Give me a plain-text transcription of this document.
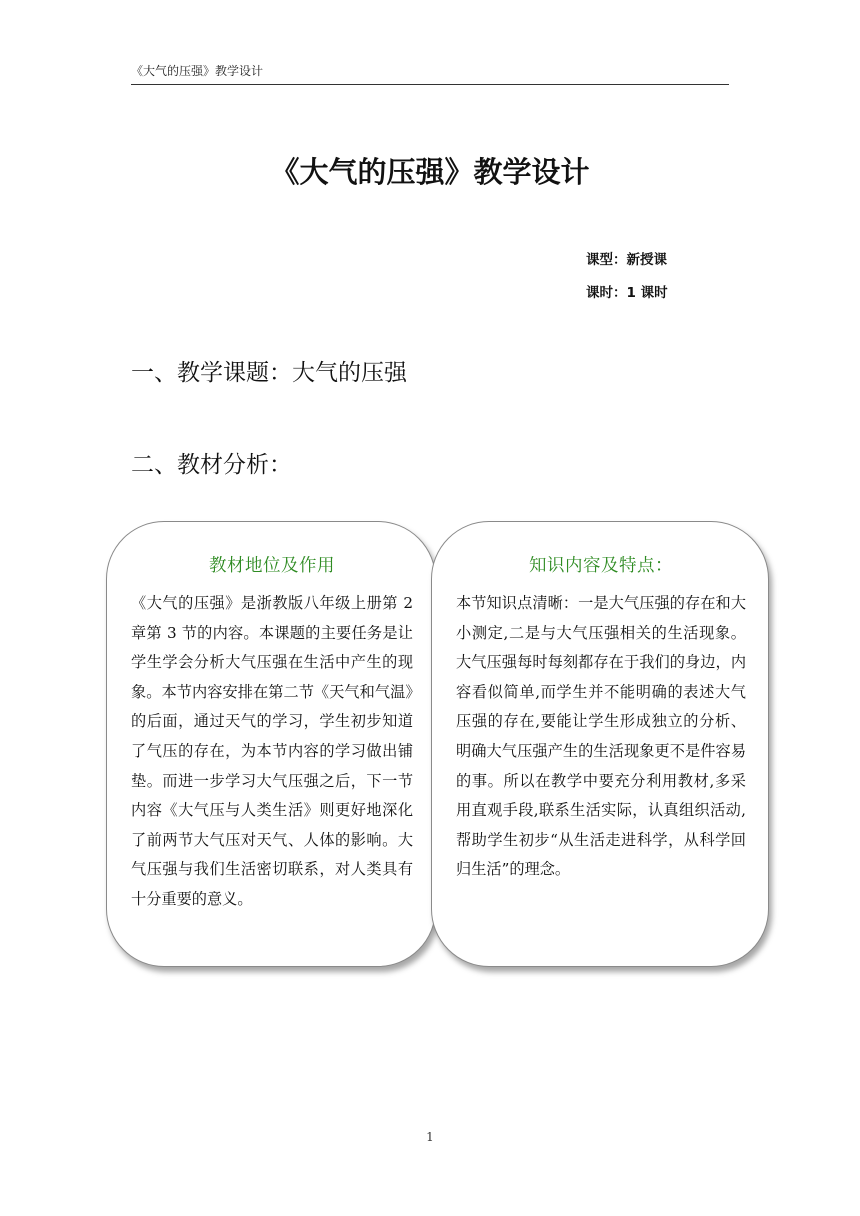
《大气的压强》教学设计
《大气的压强》教学设计
课型：新授课
课时：1 课时
一、教学课题：大气的压强
二、教材分析：
教材地位及作用

《大气的压强》是浙教版八年级上册第 2 章第 3 节的内容。本课题的主要任务是让学生学会分析大气压强在生活中产生的现象。本节内容安排在第二节《天气和气温》的后面，通过天气的学习，学生初步知道了气压的存在，为本节内容的学习做出铺垫。而进一步学习大气压强之后，下一节内容《大气压与人类生活》则更好地深化了前两节大气压对天气、人体的影响。大气压强与我们生活密切联系，对人类具有十分重要的意义。

知识内容及特点：

本节知识点清晰：一是大气压强的存在和大小测定,二是与大气压强相关的生活现象。大气压强每时每刻都存在于我们的身边，内容看似简单,而学生并不能明确的表述大气压强的存在,要能让学生形成独立的分析、明确大气压强产生的生活现象更不是件容易的事。所以在教学中要充分利用教材,多采用直观手段,联系生活实际，认真组织活动,帮助学生初步“从生活走进科学，从科学回归生活”的理念。

1
